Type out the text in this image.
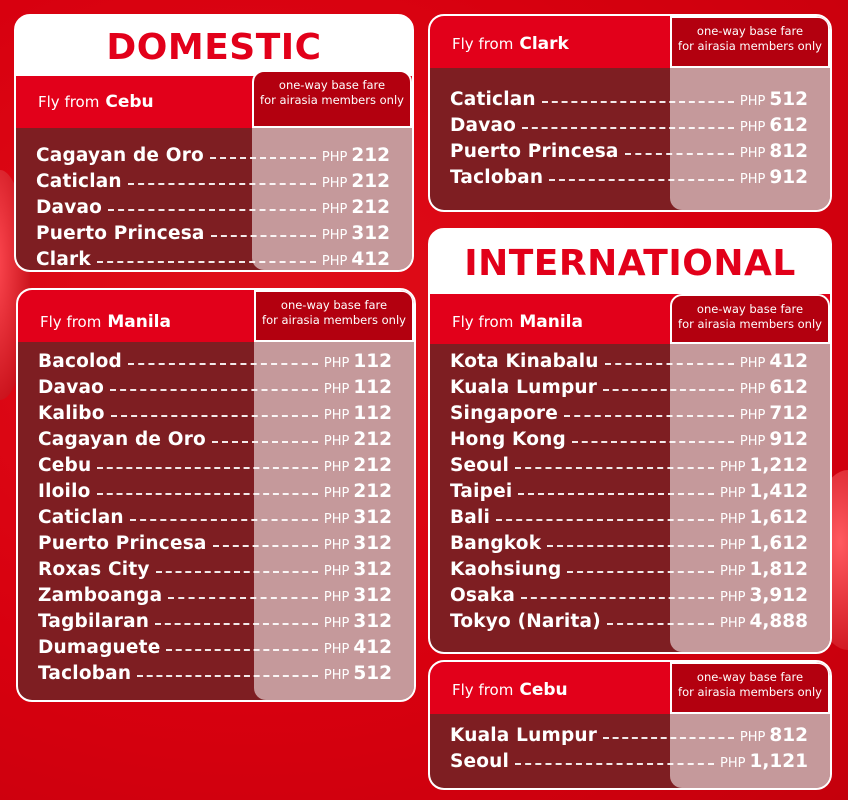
DOMESTIC
Fly from Cebu
one-way base fare
for airasia members only
Cagayan de Oro	PHP 212
Caticlan	PHP 212
Davao	PHP 212
Puerto Princesa	PHP 312
Clark	PHP 412
Fly from Clark
one-way base fare
for airasia members only
Caticlan	PHP 512
Davao	PHP 612
Puerto Princesa	PHP 812
Tacloban	PHP 912
Fly from Manila
one-way base fare
for airasia members only
Bacolod	PHP 112
Davao	PHP 112
Kalibo	PHP 112
Cagayan de Oro	PHP 212
Cebu	PHP 212
Iloilo	PHP 212
Caticlan	PHP 312
Puerto Princesa	PHP 312
Roxas City	PHP 312
Zamboanga	PHP 312
Tagbilaran	PHP 312
Dumaguete	PHP 412
Tacloban	PHP 512
INTERNATIONAL
Fly from Manila
one-way base fare
for airasia members only
Kota Kinabalu	PHP 412
Kuala Lumpur	PHP 612
Singapore	PHP 712
Hong Kong	PHP 912
Seoul	PHP 1,212
Taipei	PHP 1,412
Bali	PHP 1,612
Bangkok	PHP 1,612
Kaohsiung	PHP 1,812
Osaka	PHP 3,912
Tokyo (Narita)	PHP 4,888
Fly from Cebu
one-way base fare
for airasia members only
Kuala Lumpur	PHP 812
Seoul	PHP 1,121
